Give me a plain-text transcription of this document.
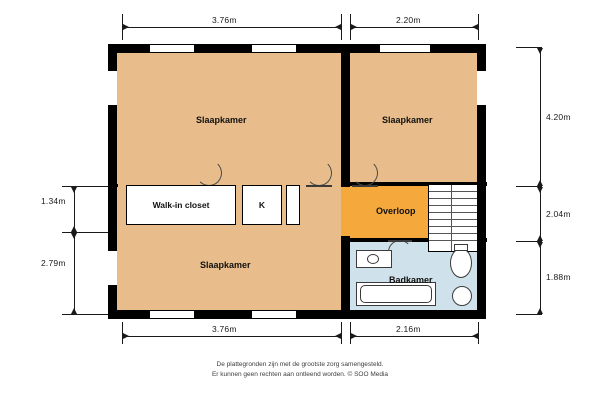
3.76m	2.20m
3.76m	2.16m
4.20m
2.04m
1.88m
1.34m
2.79m
Walk-in closet	K
Slaapkamer	Slaapkamer
Slaapkamer
Overloop
Badkamer
De plattegronden zijn met de grootste zorg samengesteld.
Er kunnen geen rechten aan ontleend worden. © SOO Media
